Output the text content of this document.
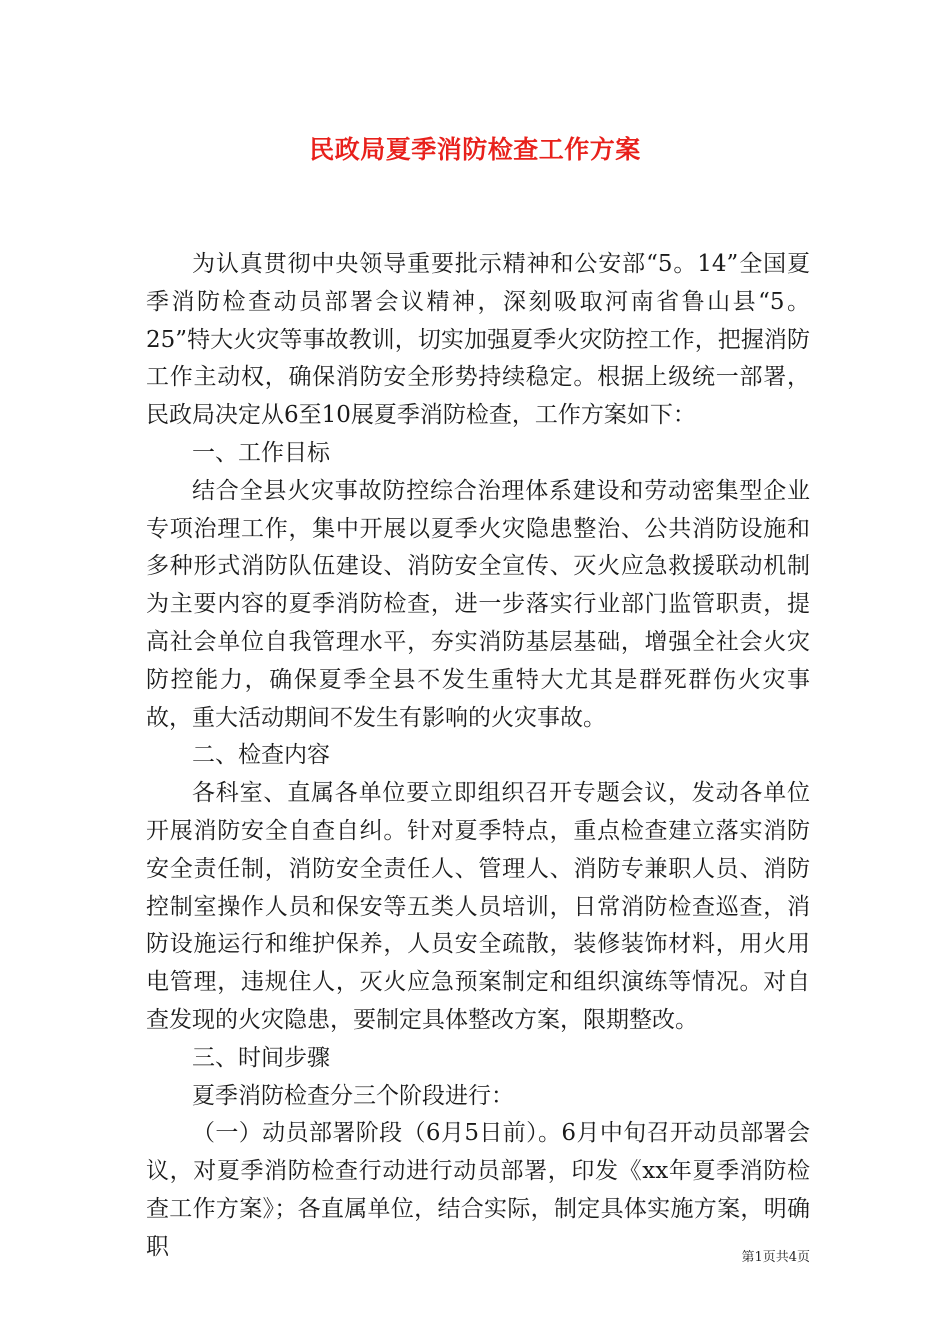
民政局夏季消防检查工作方案

为认真贯彻中央领导重要批示精神和公安部“5。14”全国夏季消防检查动员部署会议精神，深刻吸取河南省鲁山县“5。25”特大火灾等事故教训，切实加强夏季火灾防控工作，把握消防工作主动权，确保消防安全形势持续稳定。根据上级统一部署，民政局决定从6至10展夏季消防检查，工作方案如下：

一、工作目标

结合全县火灾事故防控综合治理体系建设和劳动密集型企业专项治理工作，集中开展以夏季火灾隐患整治、公共消防设施和多种形式消防队伍建设、消防安全宣传、灭火应急救援联动机制为主要内容的夏季消防检查，进一步落实行业部门监管职责，提高社会单位自我管理水平，夯实消防基层基础，增强全社会火灾防控能力，确保夏季全县不发生重特大尤其是群死群伤火灾事故，重大活动期间不发生有影响的火灾事故。

二、检查内容

各科室、直属各单位要立即组织召开专题会议，发动各单位开展消防安全自查自纠。针对夏季特点，重点检查建立落实消防安全责任制，消防安全责任人、管理人、消防专兼职人员、消防控制室操作人员和保安等五类人员培训，日常消防检查巡查，消防设施运行和维护保养，人员安全疏散，装修装饰材料，用火用电管理，违规住人，灭火应急预案制定和组织演练等情况。对自查发现的火灾隐患，要制定具体整改方案，限期整改。

三、时间步骤

夏季消防检查分三个阶段进行：

（一）动员部署阶段（6月5日前）。6月中旬召开动员部署会议，对夏季消防检查行动进行动员部署，印发《xx年夏季消防检查工作方案》；各直属单位，结合实际，制定具体实施方案，明确职	第1页共4页
